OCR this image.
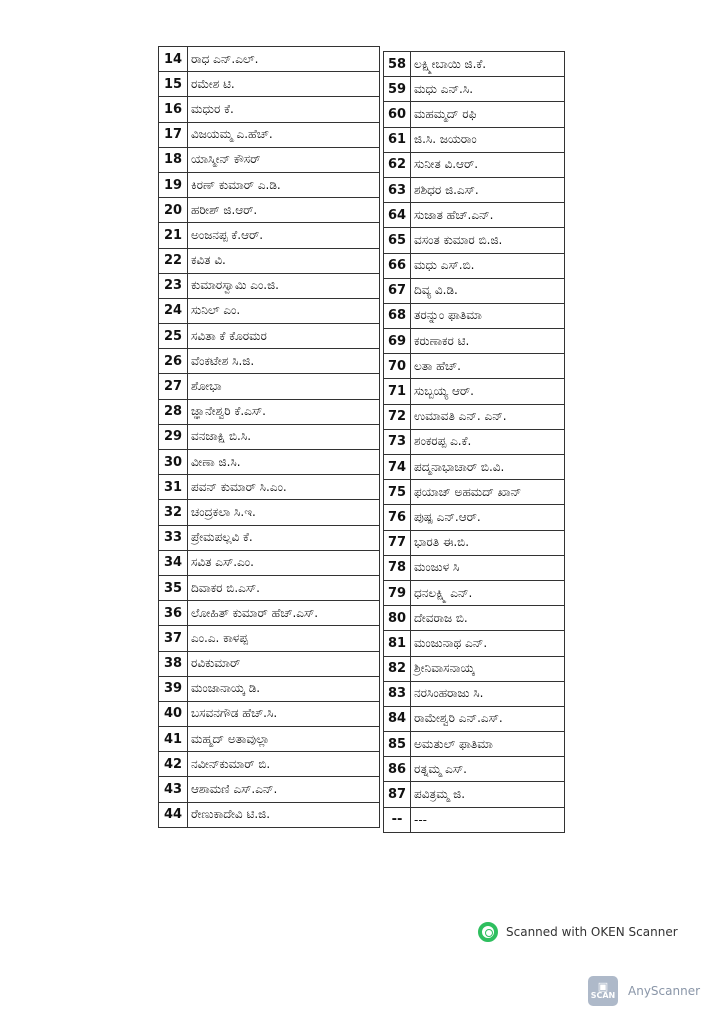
14	ರಾಧ ಎನ್.ಎಲ್.
15	ರಮೇಶ ಟಿ.
16	ಮಧುರ ಕೆ.
17	ವಿಜಯಮ್ಮ ಎ.ಹೆಚ್.
18	ಯಾಸ್ಮೀನ್ ಕೌಸರ್
19	ಕಿರಣ್ ಕುಮಾರ್ ಎ.ಡಿ.
20	ಹರೀಶ್ ಜಿ.ಆರ್.
21	ಅಂಜನಪ್ಪ ಕೆ.ಆರ್.
22	ಕವಿತ ವಿ.
23	ಕುಮಾರಸ್ವಾಮಿ ಎಂ.ಜಿ.
24	ಸುನಿಲ್ ಎಂ.
25	ಸವಿತಾ ಕೆ ಕೊರಮರ
26	ವೆಂಕಟೇಶ ಸಿ.ಜಿ.
27	ಶೋಭಾ
28	ಜ್ಞಾನೇಶ್ವರಿ ಕೆ.ಎಸ್.
29	ವನಜಾಕ್ಷಿ ಬಿ.ಸಿ.
30	ವೀಣಾ ಜಿ.ಸಿ.
31	ಪವನ್ ಕುಮಾರ್ ಸಿ.ಎಂ.
32	ಚಂದ್ರಕಲಾ ಸಿ.ಇ.
33	ಪ್ರೇಮಪಲ್ಲವಿ ಕೆ.
34	ಸವಿತ ಎಸ್.ಎಂ.
35	ದಿವಾಕರ ಬಿ.ಎಸ್.
36	ಲೋಹಿತ್ ಕುಮಾರ್ ಹೆಚ್.ಎಸ್.
37	ಎಂ.ಎ. ಕಾಳಪ್ಪ
38	ರವಿಕುಮಾರ್
39	ಮಂಜಾನಾಯ್ಕ ಡಿ.
40	ಬಸವನಗೌಡ ಹೆಚ್.ಸಿ.
41	ಮಹ್ಮದ್ ಅತಾವುಲ್ಲಾ
42	ನವೀನ್‌ಕುಮಾರ್ ಬಿ.
43	ಆಶಾಮಣಿ ಎಸ್.ಎನ್.
44	ರೇಣುಕಾದೇವಿ ಟಿ.ಜಿ.
58	ಲಕ್ಷ್ಮೀಬಾಯಿ ಜಿ.ಕೆ.
59	ಮಧು ಎನ್.ಸಿ.
60	ಮಹಮ್ಮದ್ ರಫಿ
61	ಜಿ.ಸಿ. ಜಯರಾಂ
62	ಸುನೀತ ವಿ.ಆರ್.
63	ಶಶಿಧರ ಜಿ.ಎಸ್.
64	ಸುಜಾತ ಹೆಚ್.ಎನ್.
65	ವಸಂತ ಕುಮಾರ ಬಿ.ಜಿ.
66	ಮಧು ಎಸ್.ಬಿ.
67	ದಿವ್ಯ ವಿ.ಡಿ.
68	ತರನ್ನುಂ ಫಾತಿಮಾ
69	ಕರುಣಾಕರ ಟಿ.
70	ಲತಾ ಹೆಚ್.
71	ಸುಬ್ಬಯ್ಯ ಆರ್.
72	ಉಮಾವತಿ ಎನ್. ಎನ್.
73	ಶಂಕರಪ್ಪ ಎ.ಕೆ.
74	ಪದ್ಮನಾಭಾಚಾರ್ ಬಿ.ವಿ.
75	ಫಯಾಜ್ ಅಹಮದ್ ಖಾನ್
76	ಪುಷ್ಪ ಎನ್.ಆರ್.
77	ಭಾರತಿ ಈ.ಬಿ.
78	ಮಂಜುಳ ಸಿ
79	ಧನಲಕ್ಷ್ಮಿ ಎನ್.
80	ದೇವರಾಜ ಬಿ.
81	ಮಂಜುನಾಥ ಎನ್.
82	ಶ್ರೀನಿವಾಸನಾಯ್ಕ
83	ನರಸಿಂಹರಾಜು ಸಿ.
84	ರಾಮೇಶ್ವರಿ ಎನ್.ಎಸ್.
85	ಅಮತುಲ್ ಫಾತಿಮಾ
86	ರತ್ನಮ್ಮ ಎಸ್.
87	ಪವಿತ್ರಮ್ಮ ಜಿ.
--	---
Scanned with OKEN Scanner
▣
SCAN AnyScanner
